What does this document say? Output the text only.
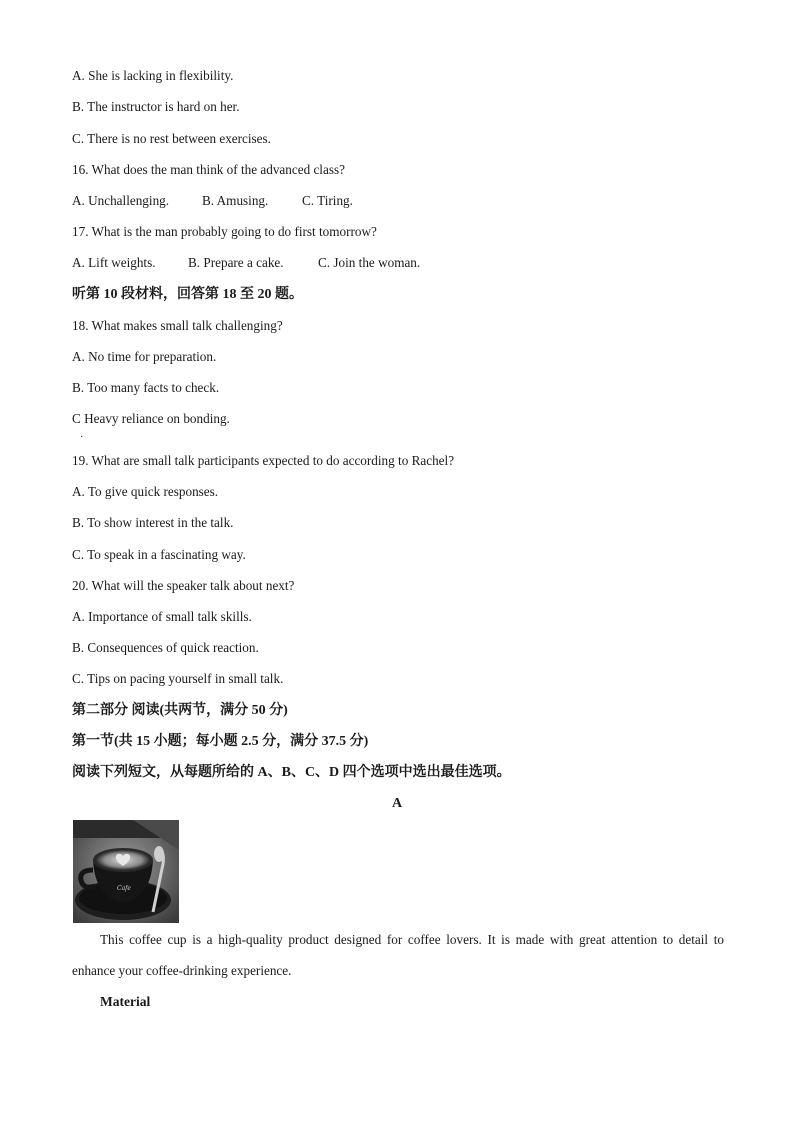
A. She is lacking in flexibility.
B. The instructor is hard on her.
C. There is no rest between exercises.
16. What does the man think of the advanced class?
A. Unchallenging. B. Amusing.	C. Tiring.
17. What is the man probably going to do first tomorrow?
A. Lift weights. B. Prepare a cake.	C. Join the woman.
听第 10 段材料，回答第 18 至 20 题。
18. What makes small talk challenging?
A. No time for preparation.
B. Too many facts to check.
C Heavy reliance on bonding.
·
19. What are small talk participants expected to do according to Rachel?
A. To give quick responses.
B. To show interest in the talk.
C. To speak in a fascinating way.
20. What will the speaker talk about next?
A. Importance of small talk skills.
B. Consequences of quick reaction.
C. Tips on pacing yourself in small talk.
第二部分 阅读(共两节，满分 50 分)
第一节(共 15 小题；每小题 2.5 分，满分 37.5 分)
阅读下列短文，从每题所给的 A、B、C、D 四个选项中选出最佳选项。
A
Cafe
This coffee cup is a high-quality product designed for coffee lovers. It is made with great attention to detail to enhance your coffee-drinking experience.
Material
